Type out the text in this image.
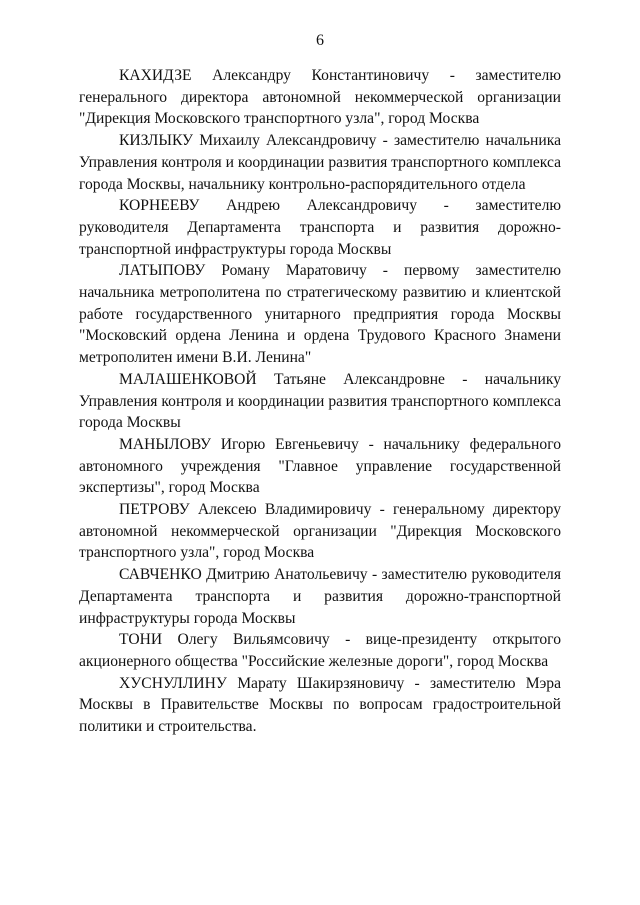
6

КАХИДЗЕ Александру Константиновичу - заместителю генерального директора автономной некоммерческой организации "Дирекция Московского транспортного узла", город Москва

КИЗЛЫКУ Михаилу Александровичу - заместителю начальника Управления контроля и координации развития транспортного комплекса города Москвы, начальнику контрольно-распорядительного отдела

КОРНЕЕВУ Андрею Александровичу - заместителю руководителя Департамента транспорта и развития дорожно-транспортной инфраструктуры города Москвы

ЛАТЫПОВУ Роману Маратовичу - первому заместителю начальника метрополитена по стратегическому развитию и клиентской работе государственного унитарного предприятия города Москвы "Московский ордена Ленина и ордена Трудового Красного Знамени метрополитен имени В.И. Ленина"

МАЛАШЕНКОВОЙ Татьяне Александровне - начальнику Управления контроля и координации развития транспортного комплекса города Москвы

МАНЫЛОВУ Игорю Евгеньевичу - начальнику федерального автономного учреждения "Главное управление государственной экспертизы", город Москва

ПЕТРОВУ Алексею Владимировичу - генеральному директору автономной некоммерческой организации "Дирекция Московского транспортного узла", город Москва

САВЧЕНКО Дмитрию Анатольевичу - заместителю руководителя Департамента транспорта и развития дорожно-транспортной инфраструктуры города Москвы

ТОНИ Олегу Вильямсовичу - вице-президенту открытого акционерного общества "Российские железные дороги", город Москва

ХУСНУЛЛИНУ Марату Шакирзяновичу - заместителю Мэра Москвы в Правительстве Москвы по вопросам градостроительной политики и строительства.
